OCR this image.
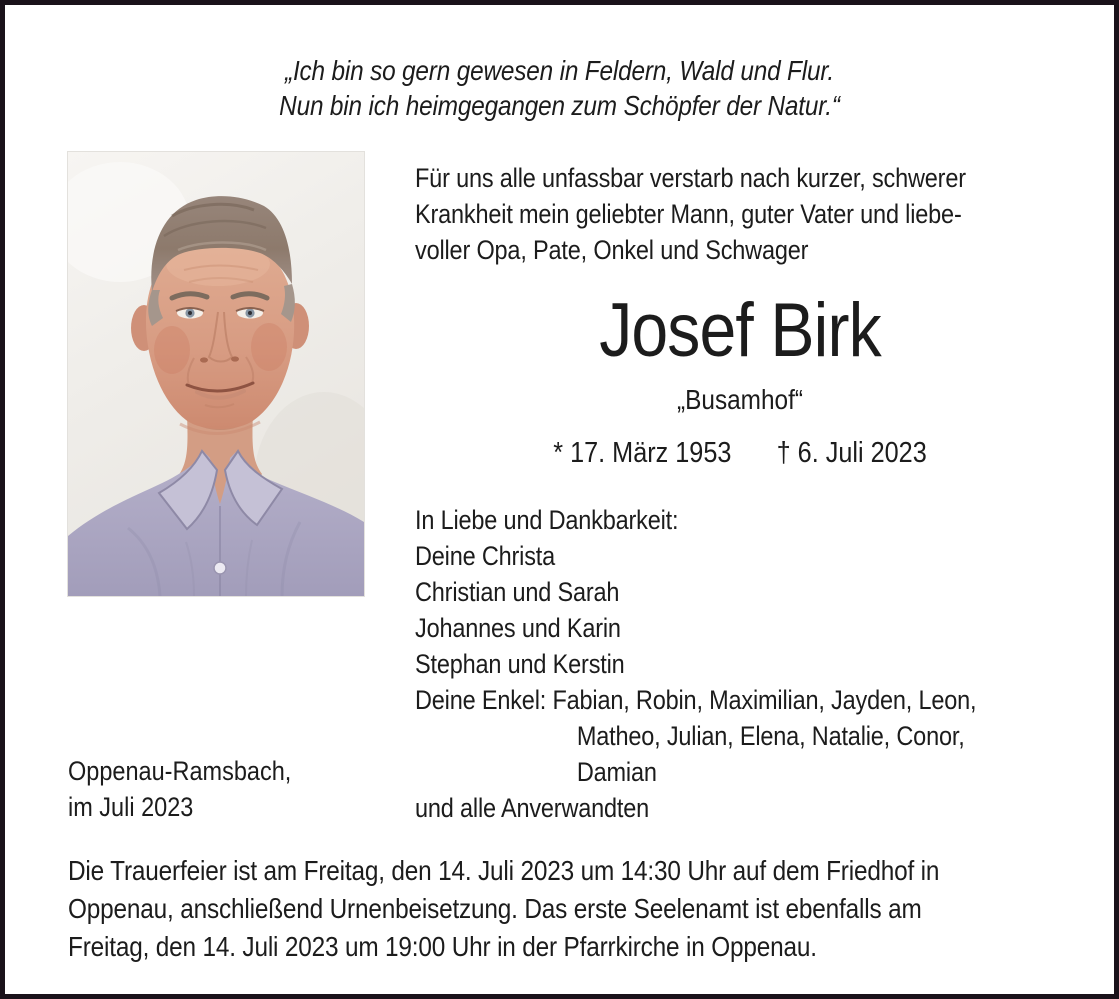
„Ich bin so gern gewesen in Feldern, Wald und Flur.
Nun bin ich heimgegangen zum Schöpfer der Natur.“
Für uns alle unfassbar verstarb nach kurzer, schwerer
Krankheit mein geliebter Mann, guter Vater und liebe-
voller Opa, Pate, Onkel und Schwager
Josef Birk
„Busamhof“
* 17. März 1953 † 6. Juli 2023
In Liebe und Dankbarkeit:
Deine Christa
Christian und Sarah
Johannes und Karin
Stephan und Kerstin
Deine Enkel: Fabian, Robin, Maximilian, Jayden, Leon,
Matheo, Julian, Elena, Natalie, Conor,
Damian
und alle Anverwandten
Oppenau-Ramsbach,
im Juli 2023
Die Trauerfeier ist am Freitag, den 14. Juli 2023 um 14:30 Uhr auf dem Friedhof in
Oppenau, anschließend Urnenbeisetzung. Das erste Seelenamt ist ebenfalls am
Freitag, den 14. Juli 2023 um 19:00 Uhr in der Pfarrkirche in Oppenau.
